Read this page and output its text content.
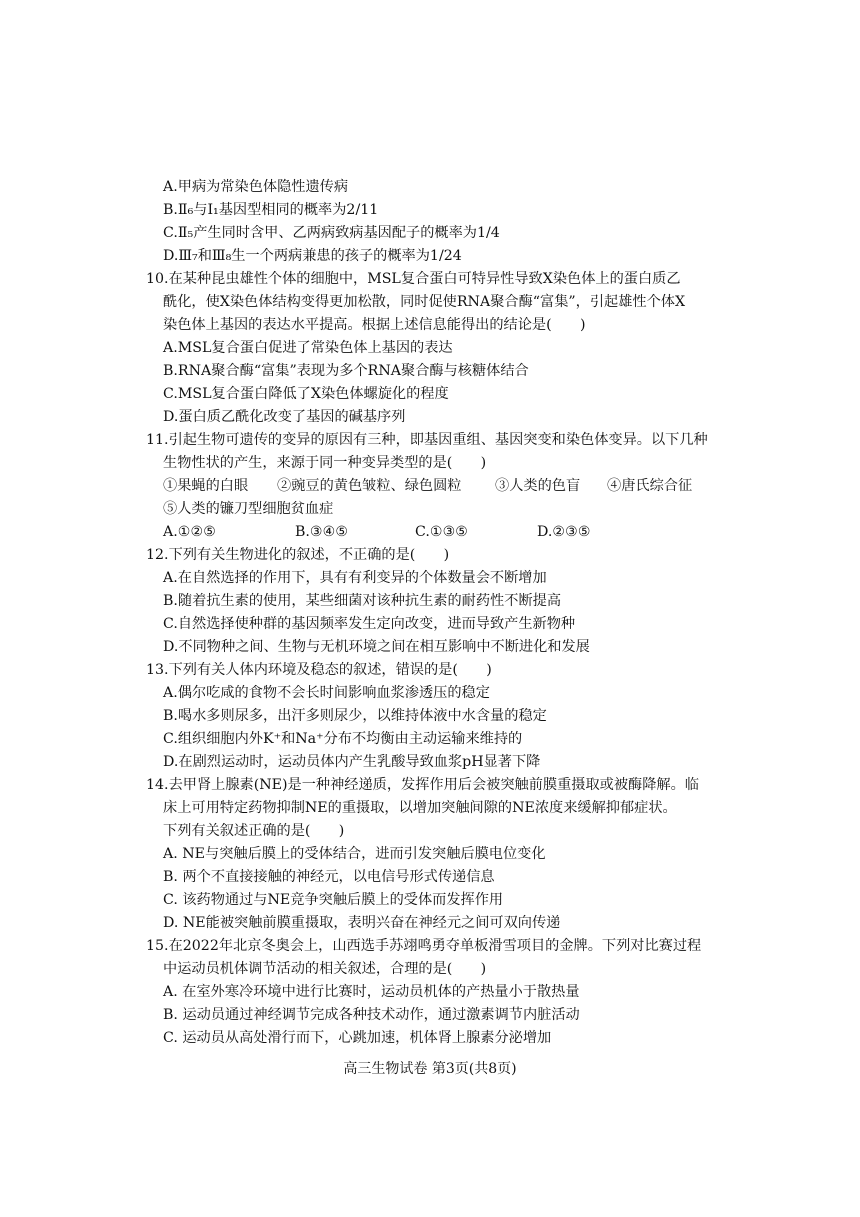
A.甲病为常染色体隐性遗传病
B.Ⅱ₆与Ⅰ₁基因型相同的概率为2/11
C.Ⅱ₅产生同时含甲、乙两病致病基因配子的概率为1/4
D.Ⅲ₇和Ⅲ₈生一个两病兼患的孩子的概率为1/24
10.在某种昆虫雄性个体的细胞中，MSL复合蛋白可特异性导致X染色体上的蛋白质乙
酰化，使X染色体结构变得更加松散，同时促使RNA聚合酶“富集”，引起雄性个体X
染色体上基因的表达水平提高。根据上述信息能得出的结论是(　　)
A.MSL复合蛋白促进了常染色体上基因的表达
B.RNA聚合酶“富集”表现为多个RNA聚合酶与核糖体结合
C.MSL复合蛋白降低了X染色体螺旋化的程度
D.蛋白质乙酰化改变了基因的碱基序列
11.引起生物可遗传的变异的原因有三种，即基因重组、基因突变和染色体变异。以下几种
生物性状的产生，来源于同一种变异类型的是(　　)
①果蝇的白眼	②豌豆的黄色皱粒、绿色圆粒	③人类的色盲	④唐氏综合征
⑤人类的镰刀型细胞贫血症
A.①②⑤	B.③④⑤	C.①③⑤	D.②③⑤
12.下列有关生物进化的叙述，不正确的是(　　)
A.在自然选择的作用下，具有有利变异的个体数量会不断增加
B.随着抗生素的使用，某些细菌对该种抗生素的耐药性不断提高
C.自然选择使种群的基因频率发生定向改变，进而导致产生新物种
D.不同物种之间、生物与无机环境之间在相互影响中不断进化和发展
13.下列有关人体内环境及稳态的叙述，错误的是(　　)
A.偶尔吃咸的食物不会长时间影响血浆渗透压的稳定
B.喝水多则尿多，出汗多则尿少，以维持体液中水含量的稳定
C.组织细胞内外K⁺和Na⁺分布不均衡由主动运输来维持的
D.在剧烈运动时，运动员体内产生乳酸导致血浆pH显著下降
14.去甲肾上腺素(NE)是一种神经递质，发挥作用后会被突触前膜重摄取或被酶降解。临
床上可用特定药物抑制NE的重摄取，以增加突触间隙的NE浓度来缓解抑郁症状。
下列有关叙述正确的是(　　)
A. NE与突触后膜上的受体结合，进而引发突触后膜电位变化
B. 两个不直接接触的神经元，以电信号形式传递信息
C. 该药物通过与NE竞争突触后膜上的受体而发挥作用
D. NE能被突触前膜重摄取，表明兴奋在神经元之间可双向传递
15.在2022年北京冬奥会上，山西选手苏翊鸣勇夺单板滑雪项目的金牌。下列对比赛过程
中运动员机体调节活动的相关叙述，合理的是(　　)
A. 在室外寒冷环境中进行比赛时，运动员机体的产热量小于散热量
B. 运动员通过神经调节完成各种技术动作，通过激素调节内脏活动
C. 运动员从高处滑行而下，心跳加速，机体肾上腺素分泌增加
高三生物试卷 第3页(共8页)
